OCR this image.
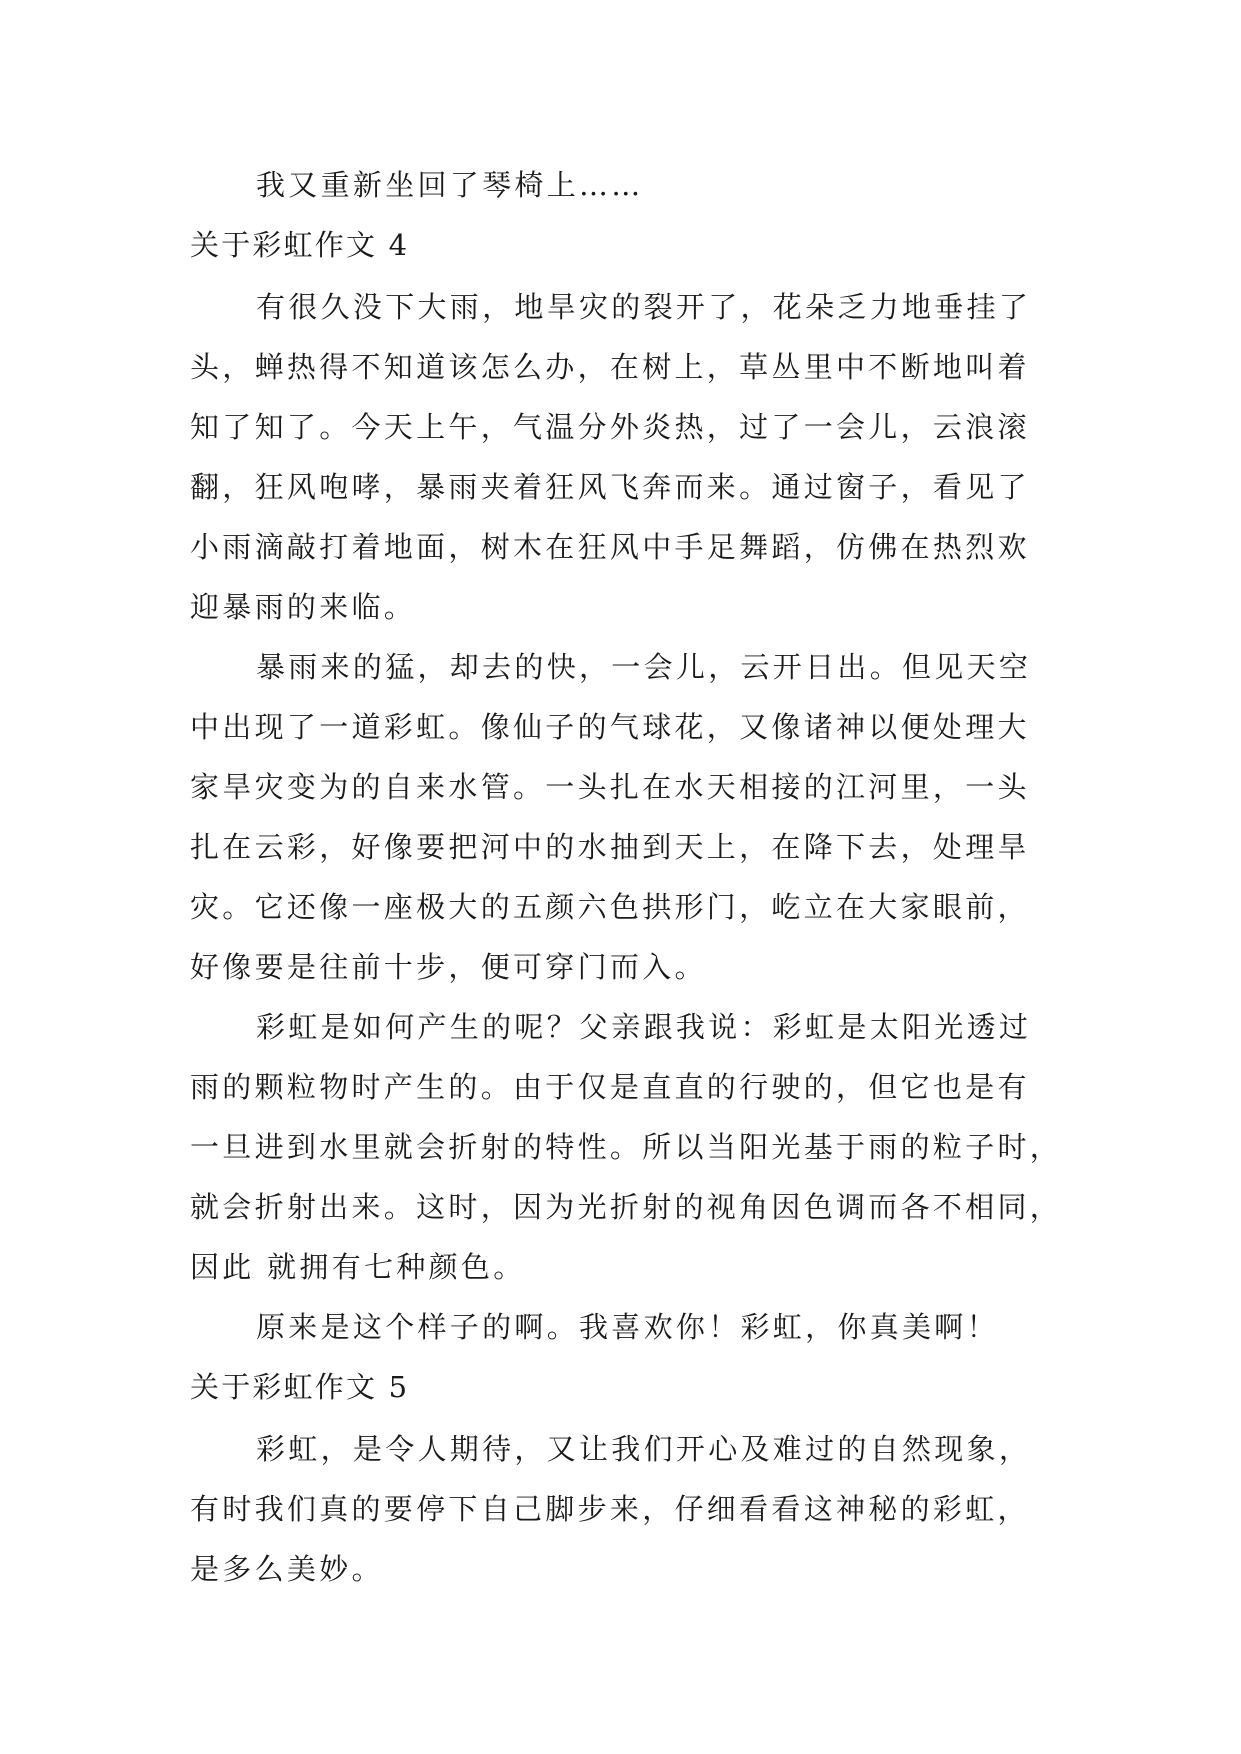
我又重新坐回了琴椅上……
关于彩虹作文 4
有很久没下大雨，地旱灾的裂开了，花朵乏力地垂挂了
头，蝉热得不知道该怎么办，在树上，草丛里中不断地叫着
知了知了。今天上午，气温分外炎热，过了一会儿，云浪滚
翻，狂风咆哮，暴雨夹着狂风飞奔而来。通过窗子，看见了
小雨滴敲打着地面，树木在狂风中手足舞蹈，仿佛在热烈欢
迎暴雨的来临。
暴雨来的猛，却去的快，一会儿，云开日出。但见天空
中出现了一道彩虹。像仙子的气球花，又像诸神以便处理大
家旱灾变为的自来水管。一头扎在水天相接的江河里，一头
扎在云彩，好像要把河中的水抽到天上，在降下去，处理旱
灾。它还像一座极大的五颜六色拱形门，屹立在大家眼前，
好像要是往前十步，便可穿门而入。
彩虹是如何产生的呢？父亲跟我说：彩虹是太阳光透过
雨的颗粒物时产生的。由于仅是直直的行驶的，但它也是有
一旦进到水里就会折射的特性。所以当阳光基于雨的粒子时，
就会折射出来。这时，因为光折射的视角因色调而各不相同，
因此 就拥有七种颜色。
原来是这个样子的啊。我喜欢你！彩虹，你真美啊！
关于彩虹作文 5
彩虹，是令人期待，又让我们开心及难过的自然现象，
有时我们真的要停下自己脚步来，仔细看看这神秘的彩虹，
是多么美妙。
